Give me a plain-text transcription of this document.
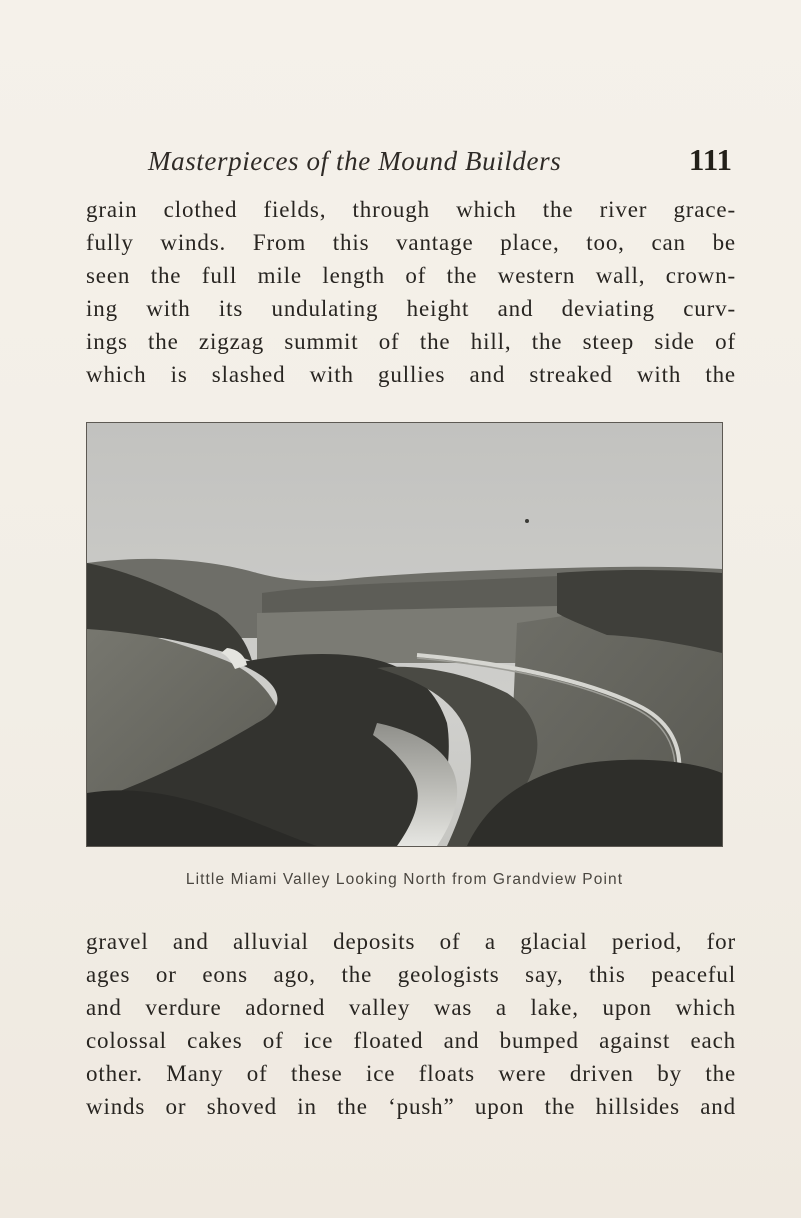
Masterpieces of the Mound Builders	111
grain clothed fields, through which the river grace-
fully winds. From this vantage place, too, can be
seen the full mile length of the western wall, crown-
ing with its undulating height and deviating curv-
ings the zigzag summit of the hill, the steep side of
which is slashed with gullies and streaked with the
Little Miami Valley Looking North from Grandview Point
gravel and alluvial deposits of a glacial period, for
ages or eons ago, the geologists say, this peaceful
and verdure adorned valley was a lake, upon which
colossal cakes of ice floated and bumped against each
other. Many of these ice floats were driven by the
winds or shoved in the ‘push” upon the hillsides and
